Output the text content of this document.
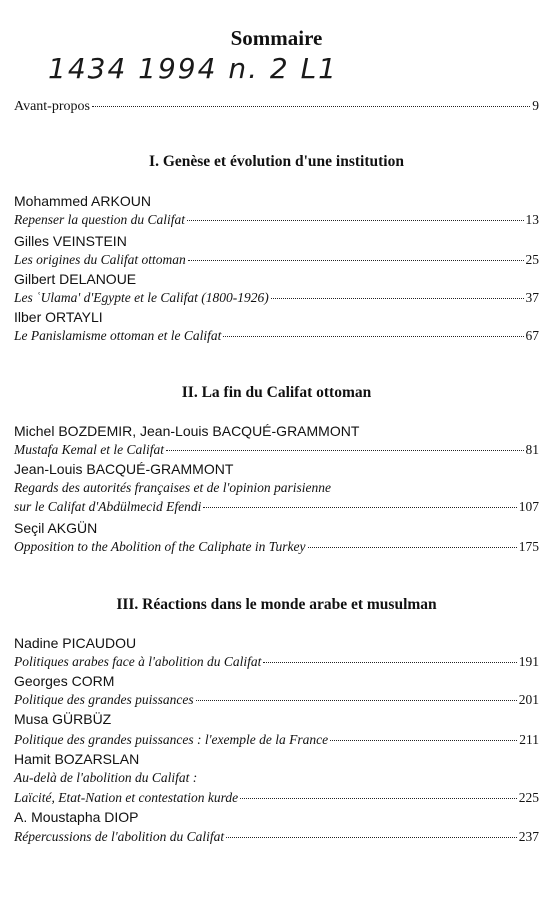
Sommaire
1434 1994 n. 2 L1
Avant-propos	9
I. Genèse et évolution d'une institution
Mohammed ARKOUN
Repenser la question du Califat	13
Gilles VEINSTEIN
Les origines du Califat ottoman	25
Gilbert DELANOUE
Les ʿUlama' d'Egypte et le Califat (1800-1926)	37
Ilber ORTAYLI
Le Panislamisme ottoman et le Califat	67
II. La fin du Califat ottoman
Michel BOZDEMIR, Jean-Louis BACQUÉ-GRAMMONT
Mustafa Kemal et le Califat	81
Jean-Louis BACQUÉ-GRAMMONT
Regards des autorités françaises et de l'opinion parisienne
sur le Califat d'Abdülmecid Efendi	107
Seçil AKGÜN
Opposition to the Abolition of the Caliphate in Turkey	175
III. Réactions dans le monde arabe et musulman
Nadine PICAUDOU
Politiques arabes face à l'abolition du Califat	191
Georges CORM
Politique des grandes puissances	201
Musa GÜRBÜZ
Politique des grandes puissances : l'exemple de la France	211
Hamit BOZARSLAN
Au-delà de l'abolition du Califat :
Laïcité, Etat-Nation et contestation kurde	225
A. Moustapha DIOP
Répercussions de l'abolition du Califat	237
